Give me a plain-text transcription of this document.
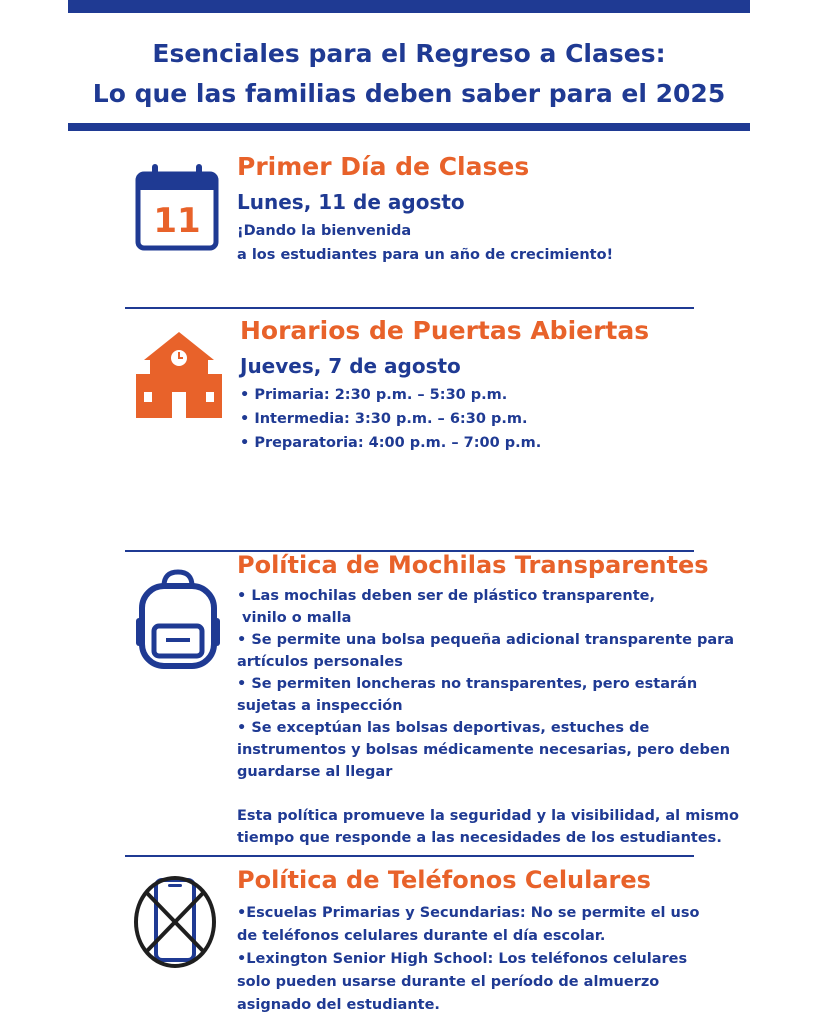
Esenciales para el Regreso a Clases:
Lo que las familias deben saber para el 2025
11
Primer Día de Clases
Lunes, 11 de agosto
¡Dando la bienvenida
a los estudiantes para un año de crecimiento!
Horarios de Puertas Abiertas
Jueves, 7 de agosto
• Primaria: 2:30 p.m. – 5:30 p.m.
• Intermedia: 3:30 p.m. – 6:30 p.m.
• Preparatoria: 4:00 p.m. – 7:00 p.m.
Política de Mochilas Transparentes
• Las mochilas deben ser de plástico transparente,
vinilo o malla
• Se permite una bolsa pequeña adicional transparente para
artículos personales
• Se permiten loncheras no transparentes, pero estarán
sujetas a inspección
• Se exceptúan las bolsas deportivas, estuches de
instrumentos y bolsas médicamente necesarias, pero deben
guardarse al llegar
Esta política promueve la seguridad y la visibilidad, al mismo
tiempo que responde a las necesidades de los estudiantes.
Política de Teléfonos Celulares
•Escuelas Primarias y Secundarias: No se permite el uso
de teléfonos celulares durante el día escolar.
•Lexington Senior High School: Los teléfonos celulares
solo pueden usarse durante el período de almuerzo
asignado del estudiante.
